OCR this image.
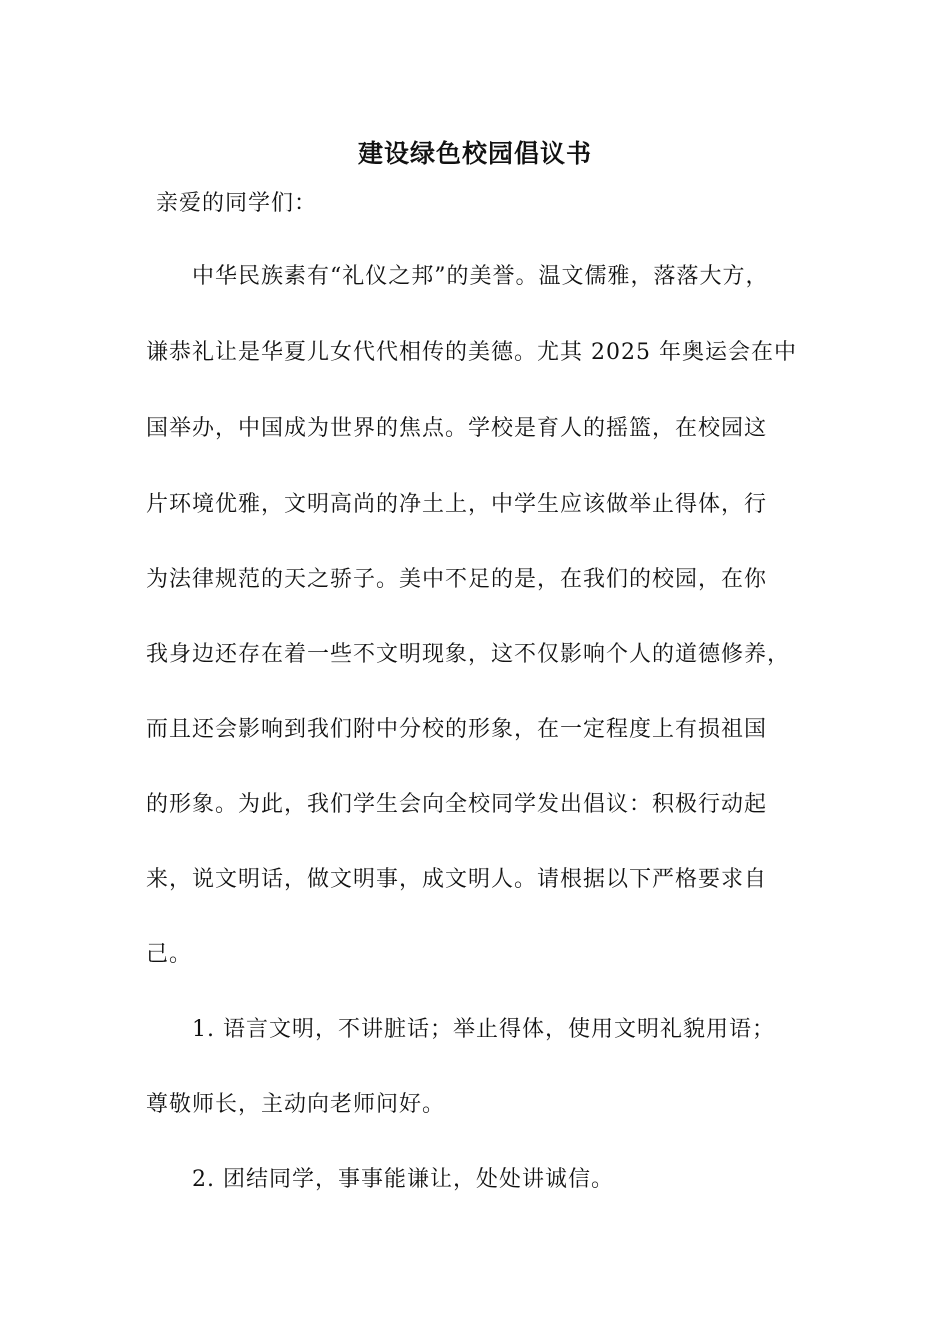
建设绿色校园倡议书
亲爱的同学们：
中华民族素有“礼仪之邦”的美誉。温文儒雅，落落大方，
谦恭礼让是华夏儿女代代相传的美德。尤其 2025 年奥运会在中
国举办，中国成为世界的焦点。学校是育人的摇篮，在校园这
片环境优雅，文明高尚的净土上，中学生应该做举止得体，行
为法律规范的天之骄子。美中不足的是，在我们的校园，在你
我身边还存在着一些不文明现象，这不仅影响个人的道德修养，
而且还会影响到我们附中分校的形象，在一定程度上有损祖国
的形象。为此，我们学生会向全校同学发出倡议：积极行动起
来，说文明话，做文明事，成文明人。请根据以下严格要求自
己。
1. 语言文明，不讲脏话；举止得体，使用文明礼貌用语；
尊敬师长，主动向老师问好。
2. 团结同学，事事能谦让，处处讲诚信。
